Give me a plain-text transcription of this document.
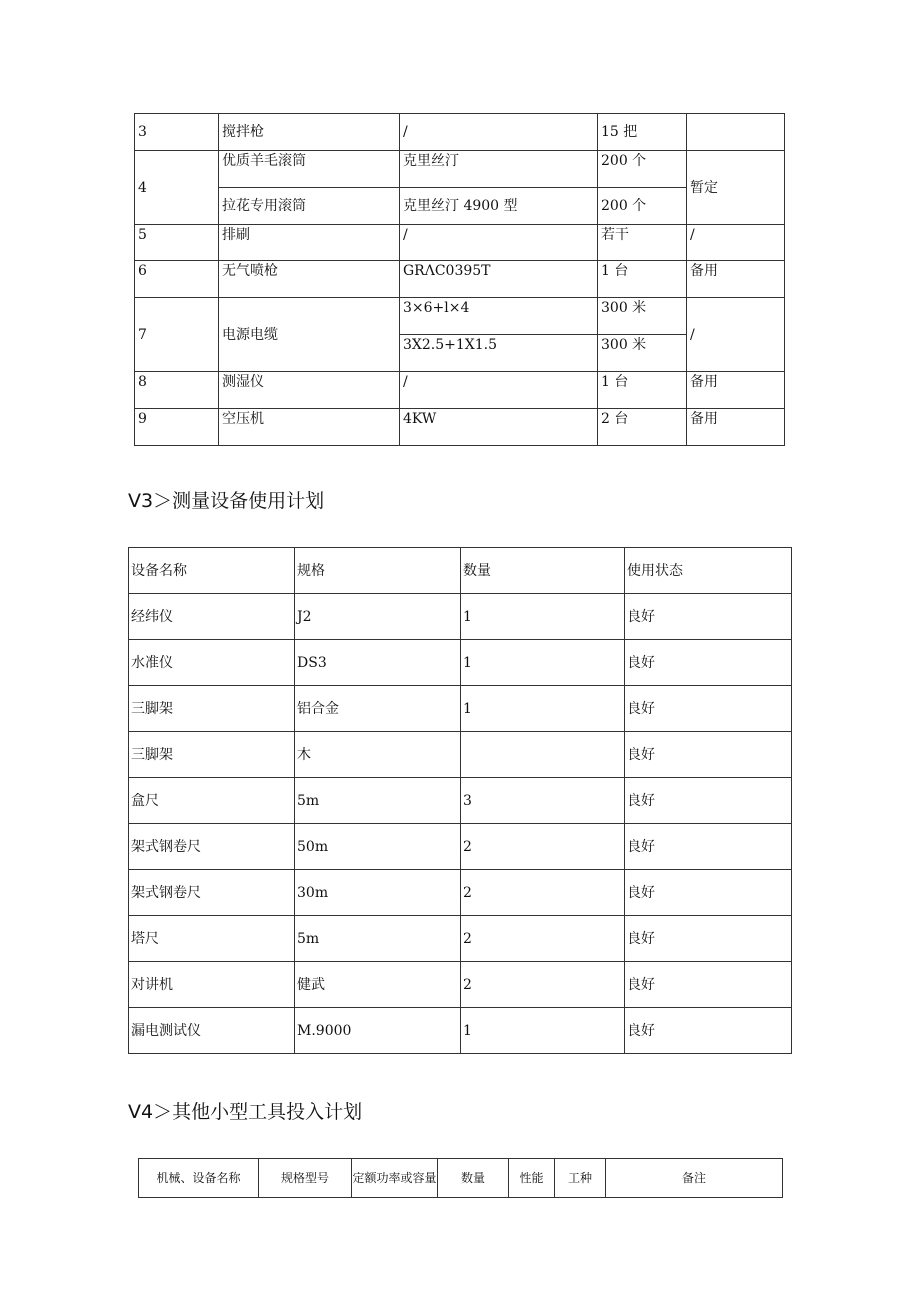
3	搅拌枪	/	15 把	
4	优质羊毛滚筒	克里丝汀	200 个	暂定
	拉花专用滚筒	克里丝汀 4900 型	200 个	
5	排刷	/	若干	/
6	无气喷枪	GRΛC0395T	1 台	备用
7	电源电缆	3×6+l×4	300 米	/
		3X2.5+1X1.5	300 米	
8	测湿仪	/	1 台	备用
9	空压机	4KW	2 台	备用
V3＞测量设备使用计划
设备名称	规格	数量	使用状态
经纬仪	J2	1	良好
水准仪	DS3	1	良好
三脚架	铝合金	1	良好
三脚架	木		良好
盒尺	5m	3	良好
架式钢卷尺	50m	2	良好
架式钢卷尺	30m	2	良好
塔尺	5m	2	良好
对讲机	健武	2	良好
漏电测试仪	M.9000	1	良好
V4＞其他小型工具投入计划
机械、设备名称	规格型号	定额功率或容量	数量	性能	工种	备注
